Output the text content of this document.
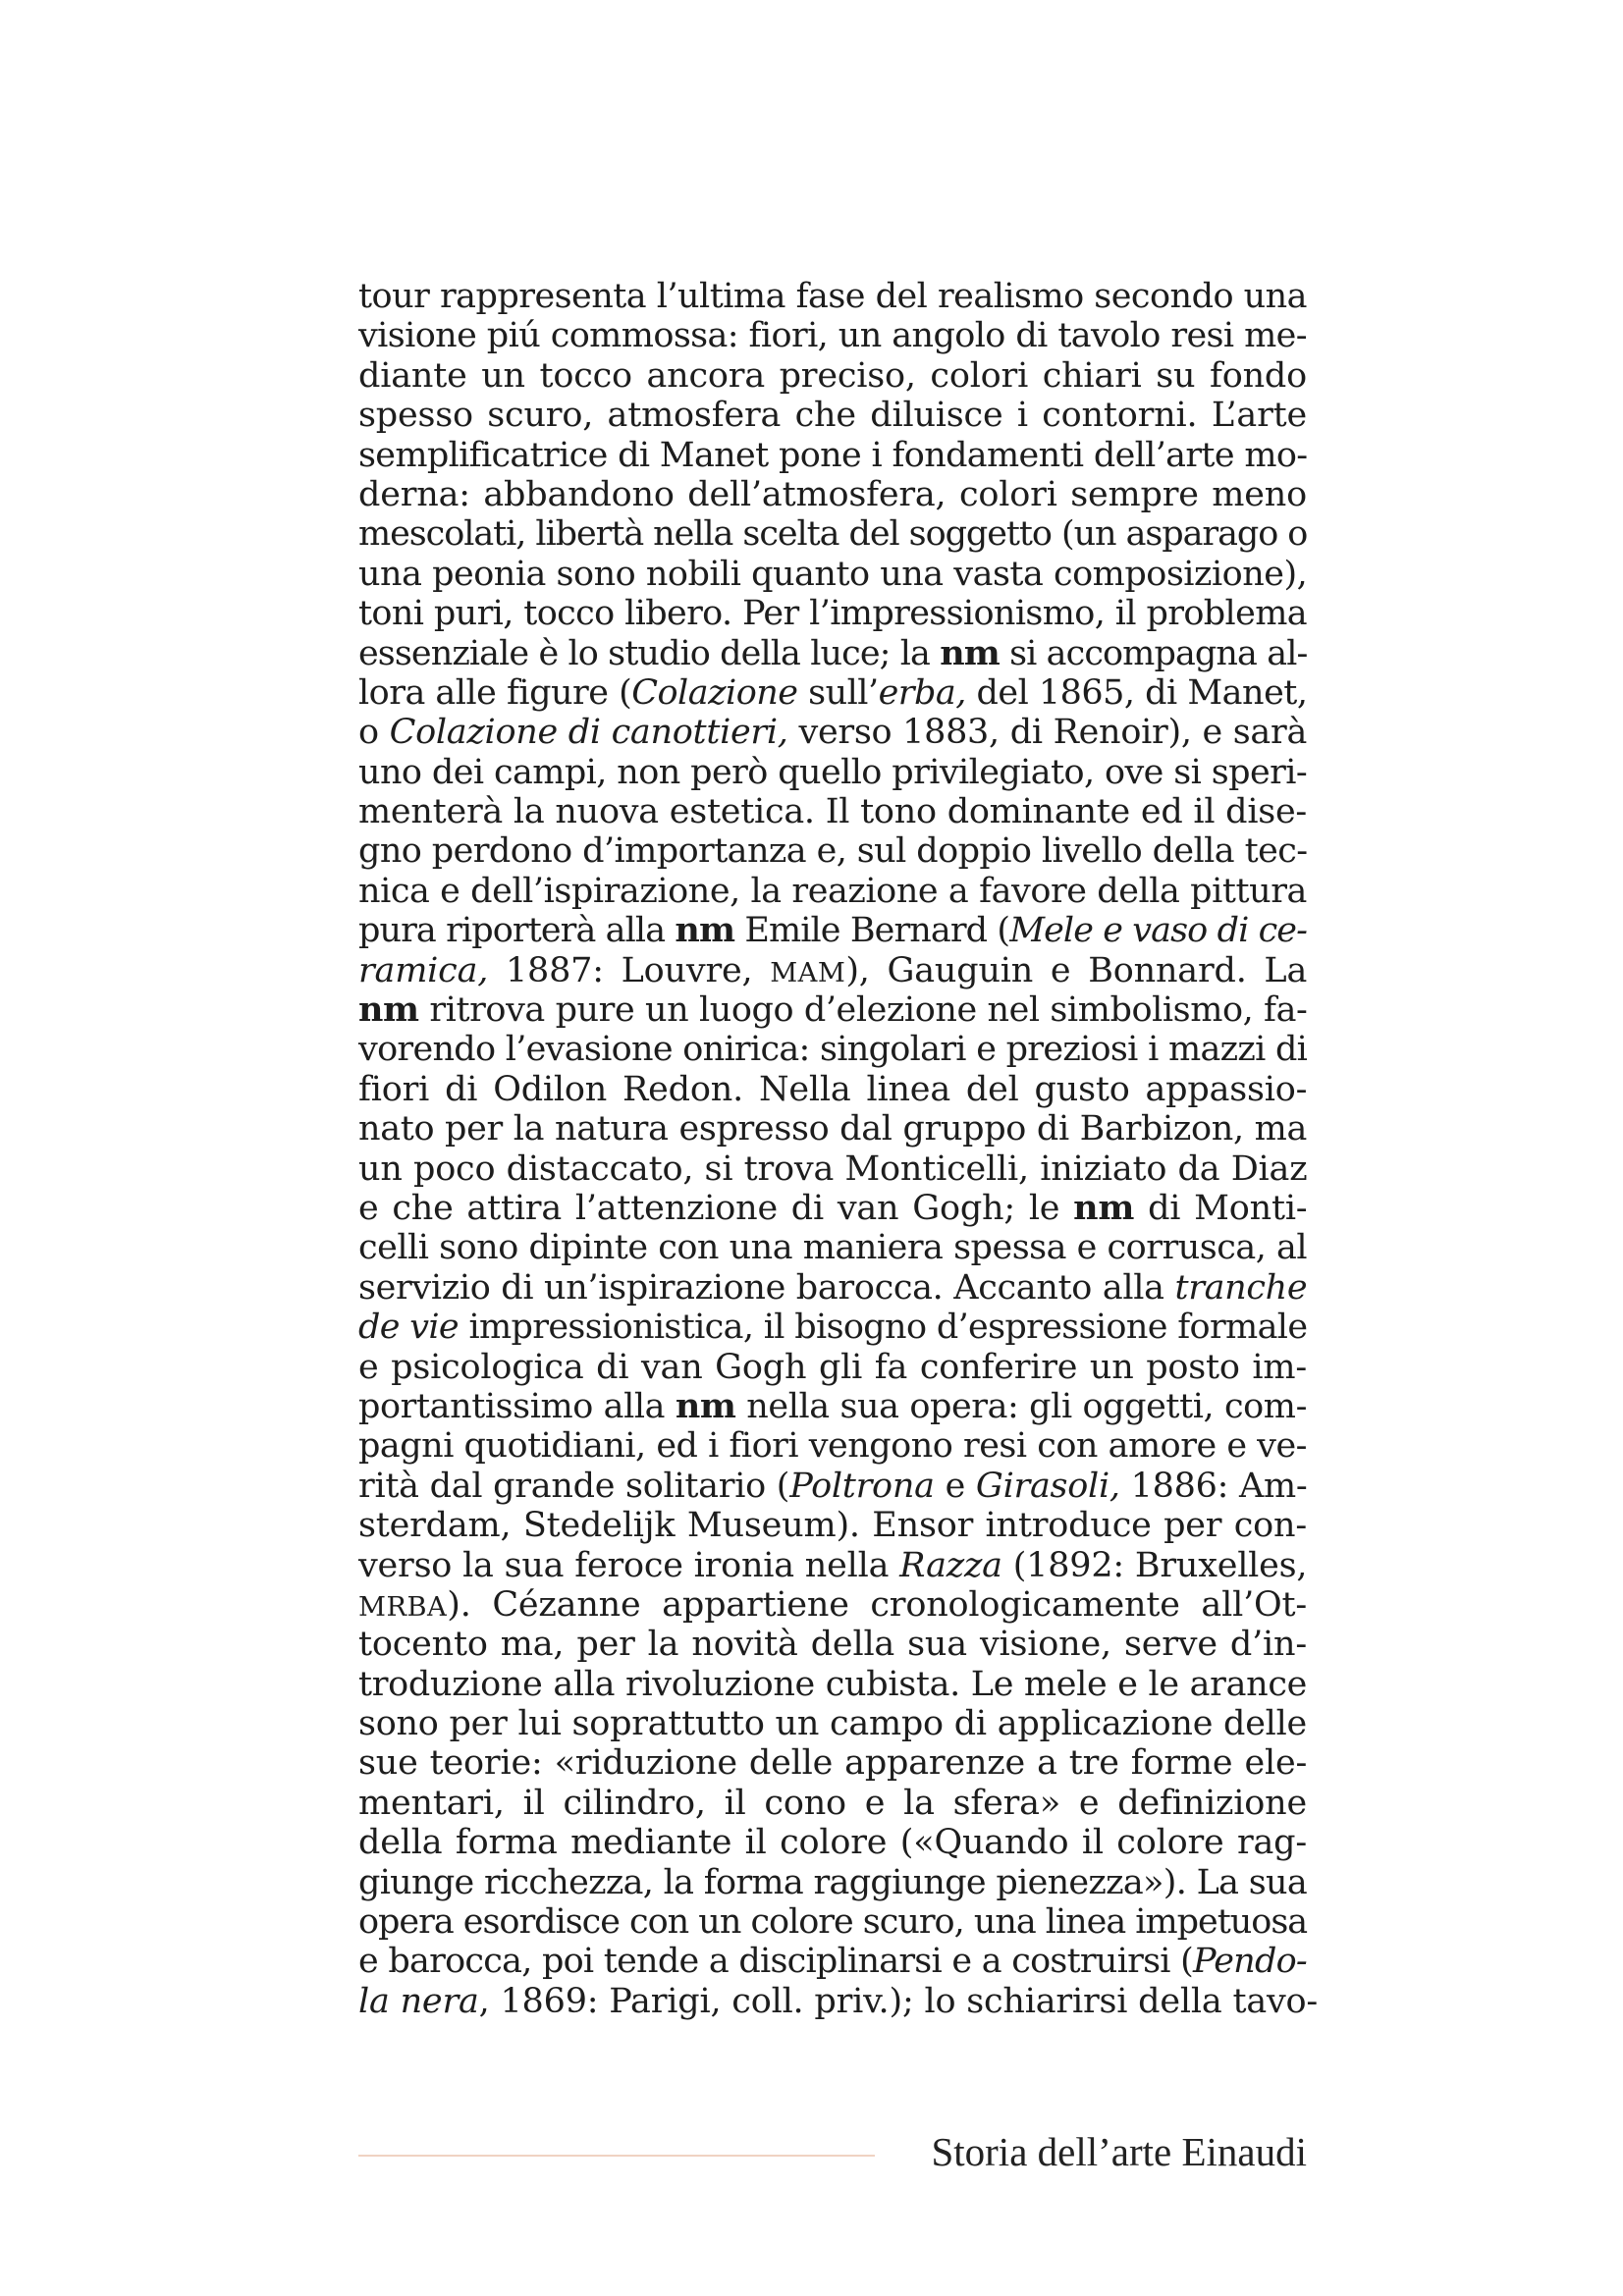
tour rappresenta l’ultima fase del realismo secondo una
visione piú commossa: fiori, un angolo di tavolo resi me-
diante un tocco ancora preciso, colori chiari su fondo
spesso scuro, atmosfera che diluisce i contorni. L’arte
semplificatrice di Manet pone i fondamenti dell’arte mo-
derna: abbandono dell’atmosfera, colori sempre meno
mescolati, libertà nella scelta del soggetto (un asparago o
una peonia sono nobili quanto una vasta composizione),
toni puri, tocco libero. Per l’impressionismo, il problema
essenziale è lo studio della luce; la nm si accompagna al-
lora alle figure (Colazione sull’erba, del 1865, di Manet,
o Colazione di canottieri, verso 1883, di Renoir), e sarà
uno dei campi, non però quello privilegiato, ove si speri-
menterà la nuova estetica. Il tono dominante ed il dise-
gno perdono d’importanza e, sul doppio livello della tec-
nica e dell’ispirazione, la reazione a favore della pittura
pura riporterà alla nm Emile Bernard (Mele e vaso di ce-
ramica, 1887: Louvre, MAM), Gauguin e Bonnard. La
nm ritrova pure un luogo d’elezione nel simbolismo, fa-
vorendo l’evasione onirica: singolari e preziosi i mazzi di
fiori di Odilon Redon. Nella linea del gusto appassio-
nato per la natura espresso dal gruppo di Barbizon, ma
un poco distaccato, si trova Monticelli, iniziato da Diaz
e che attira l’attenzione di van Gogh; le nm di Monti-
celli sono dipinte con una maniera spessa e corrusca, al
servizio di un’ispirazione barocca. Accanto alla tranche
de vie impressionistica, il bisogno d’espressione formale
e psicologica di van Gogh gli fa conferire un posto im-
portantissimo alla nm nella sua opera: gli oggetti, com-
pagni quotidiani, ed i fiori vengono resi con amore e ve-
rità dal grande solitario (Poltrona e Girasoli, 1886: Am-
sterdam, Stedelijk Museum). Ensor introduce per con-
verso la sua feroce ironia nella Razza (1892: Bruxelles,
MRBA). Cézanne appartiene cronologicamente all’Ot-
tocento ma, per la novità della sua visione, serve d’in-
troduzione alla rivoluzione cubista. Le mele e le arance
sono per lui soprattutto un campo di applicazione delle
sue teorie: «riduzione delle apparenze a tre forme ele-
mentari, il cilindro, il cono e la sfera» e definizione
della forma mediante il colore («Quando il colore rag-
giunge ricchezza, la forma raggiunge pienezza»). La sua
opera esordisce con un colore scuro, una linea impetuosa
e barocca, poi tende a disciplinarsi e a costruirsi (Pendo-
la nera, 1869: Parigi, coll. priv.); lo schiarirsi della tavo-
Storia dell’arte Einaudi
